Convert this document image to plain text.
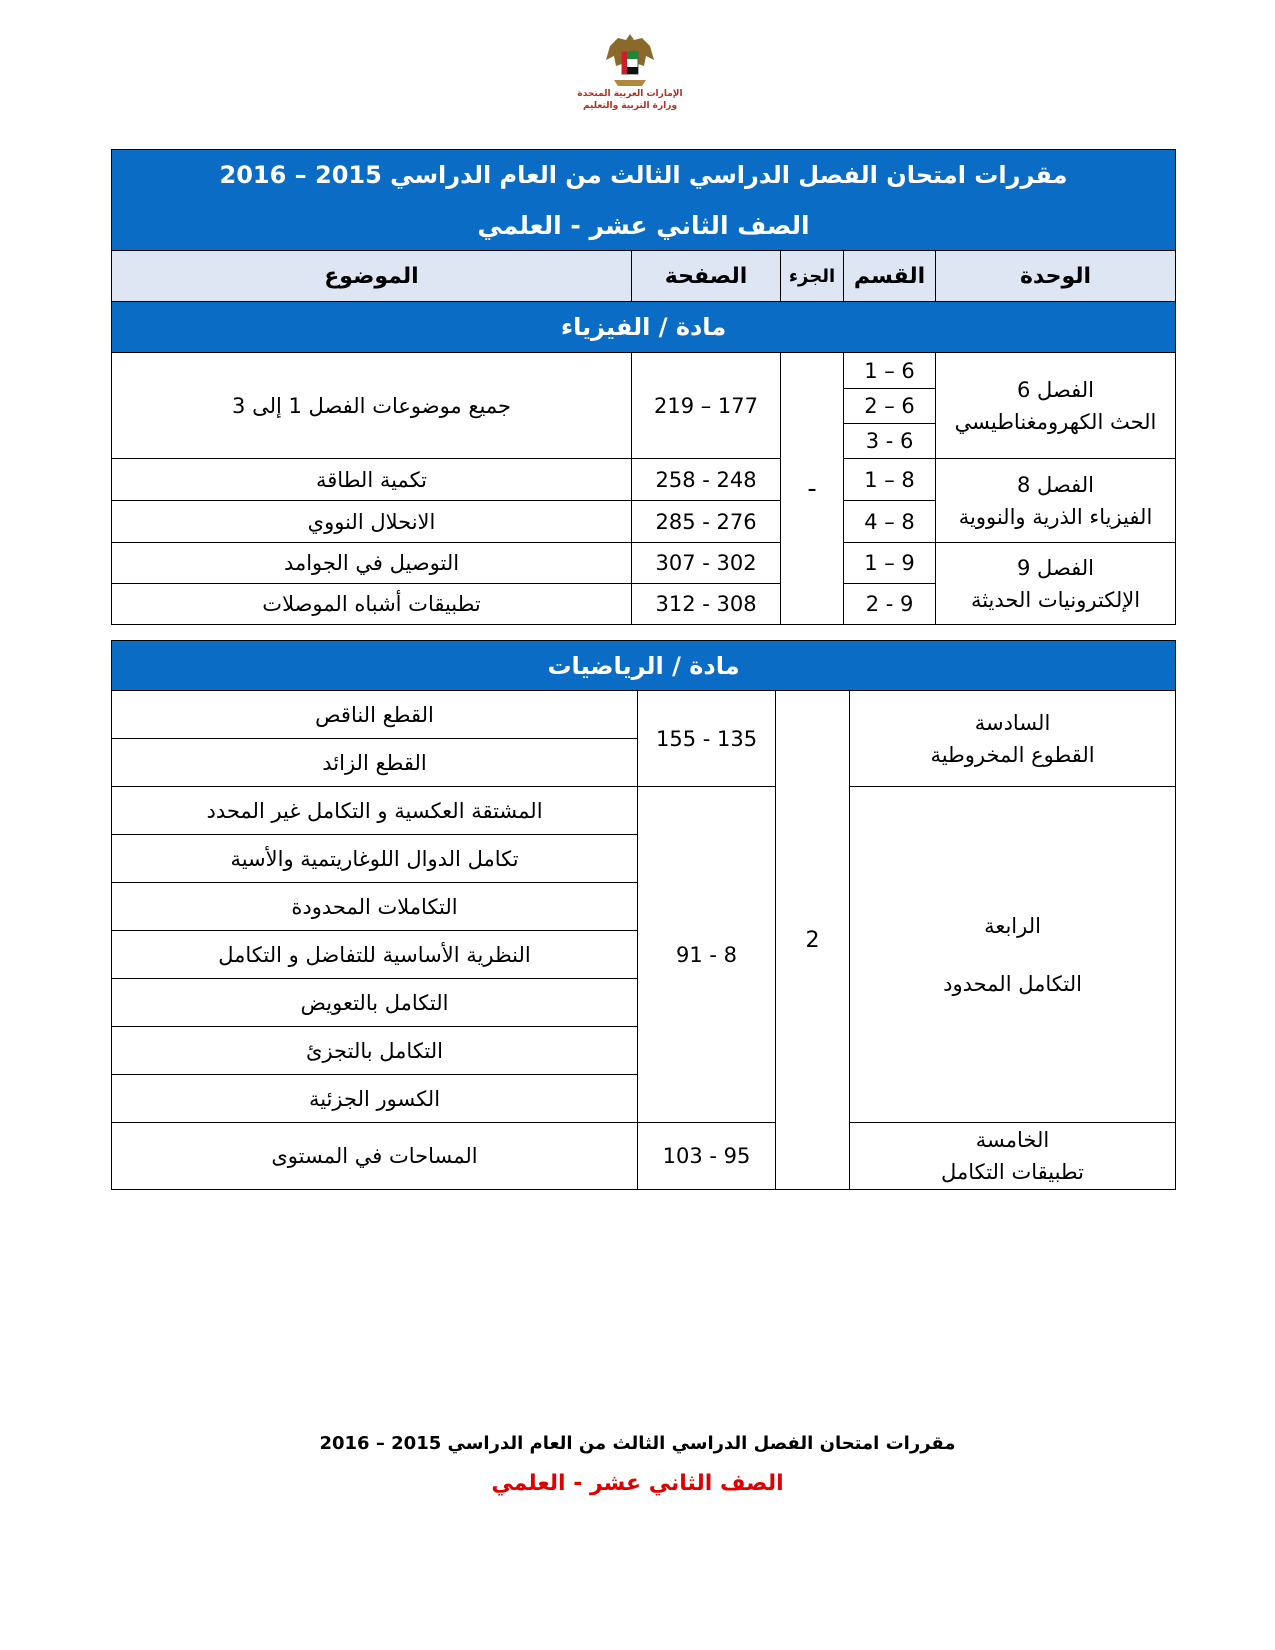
الإمارات العربية المتحدة
وزارة التربية والتعليم
مقررات امتحان الفصل الدراسي الثالث من العام الدراسي 2015 – 2016				
الصف الثاني عشر - العلمي				
الوحدة	القسم	الجزء	الصفحة	الموضوع
مادة / الفيزياء				

الفصل 6
الحث الكهرومغناطيسي	1 – 6	-	219 – 177	جميع موضوعات الفصل 1 إلى 3
	2 – 6			
	3 - 6			

الفصل 8
الفيزياء الذرية والنووية	1 – 8		258 - 248	تكمية الطاقة
	4 – 8		285 - 276	الانحلال النووي

الفصل 9
الإلكترونيات الحديثة	1 – 9		307 - 302	التوصيل في الجوامد
	2 - 9		312 - 308	تطبيقات أشباه الموصلات
مادة / الرياضيات			

السادسة
القطوع المخروطية	2	155 - 135	القطع الناقص
			القطع الزائد

الرابعة
التكامل المحدود		91 - 8	المشتقة العكسية و التكامل غير المحدد
			تكامل الدوال اللوغاريتمية والأسية
			التكاملات المحدودة
			النظرية الأساسية للتفاضل و التكامل
			التكامل بالتعويض
			التكامل بالتجزئ
			الكسور الجزئية

الخامسة
تطبيقات التكامل		103 - 95	المساحات في المستوى
مقررات امتحان الفصل الدراسي الثالث من العام الدراسي 2015 – 2016
الصف الثاني عشر - العلمي
